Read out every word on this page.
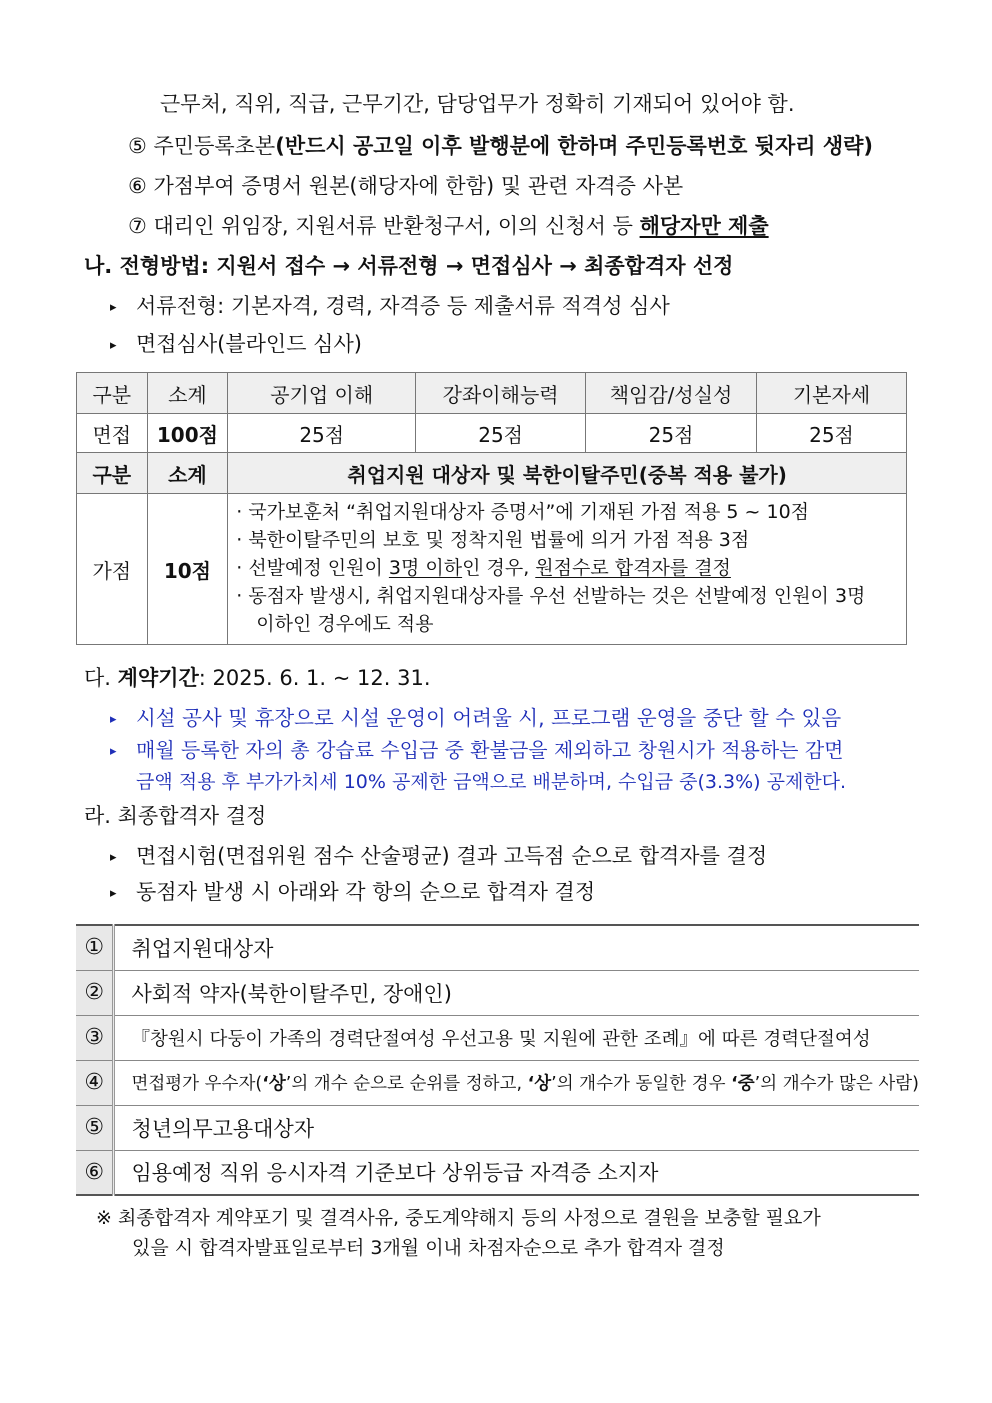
근무처, 직위, 직급, 근무기간, 담당업무가 정확히 기재되어 있어야 함.
⑤ 주민등록초본(반드시 공고일 이후 발행분에 한하며 주민등록번호 뒷자리 생략)
⑥ 가점부여 증명서 원본(해당자에 한함) 및 관련 자격증 사본
⑦ 대리인 위임장, 지원서류 반환청구서, 이의 신청서 등 해당자만 제출
나. 전형방법: 지원서 접수 → 서류전형 → 면접심사 → 최종합격자 선정
▸ 서류전형: 기본자격, 경력, 자격증 등 제출서류 적격성 심사
▸ 면접심사(블라인드 심사)
구분	소계	공기업 이해	강좌이해능력	책임감/성실성	기본자세
면접	100점	25점	25점	25점	25점
구분	소계	취업지원 대상자 및 북한이탈주민(중복 적용 불가)			
가점	10점	· 국가보훈처 “취업지원대상자 증명서”에 기재된 가점 적용 5 ~ 10점
· 북한이탈주민의 보호 및 정착지원 법률에 의거 가점 적용 3점
· 선발예정 인원이 3명 이하인 경우, 원점수로 합격자를 결정
· 동점자 발생시, 취업지원대상자를 우선 선발하는 것은 선발예정 인원이 3명
이하인 경우에도 적용			
다. 계약기간: 2025. 6. 1. ~ 12. 31.
▸ 시설 공사 및 휴장으로 시설 운영이 어려울 시, 프로그램 운영을 중단 할 수 있음
▸ 매월 등록한 자의 총 강습료 수입금 중 환불금을 제외하고 창원시가 적용하는 감면
금액 적용 후 부가가치세 10% 공제한 금액으로 배분하며, 수입금 중(3.3%) 공제한다.
라. 최종합격자 결정
▸ 면접시험(면접위원 점수 산술평균) 결과 고득점 순으로 합격자를 결정
▸ 동점자 발생 시 아래와 각 항의 순으로 합격자 결정
①	취업지원대상자
②	사회적 약자(북한이탈주민, 장애인)
③	『창원시 다둥이 가족의 경력단절여성 우선고용 및 지원에 관한 조례』에 따른 경력단절여성
④	면접평가 우수자(‘상’의 개수 순으로 순위를 정하고, ‘상’의 개수가 동일한 경우 ‘중’의 개수가 많은 사람)
⑤	청년의무고용대상자
⑥	임용예정 직위 응시자격 기준보다 상위등급 자격증 소지자
※ 최종합격자 계약포기 및 결격사유, 중도계약해지 등의 사정으로 결원을 보충할 필요가
있을 시 합격자발표일로부터 3개월 이내 차점자순으로 추가 합격자 결정
